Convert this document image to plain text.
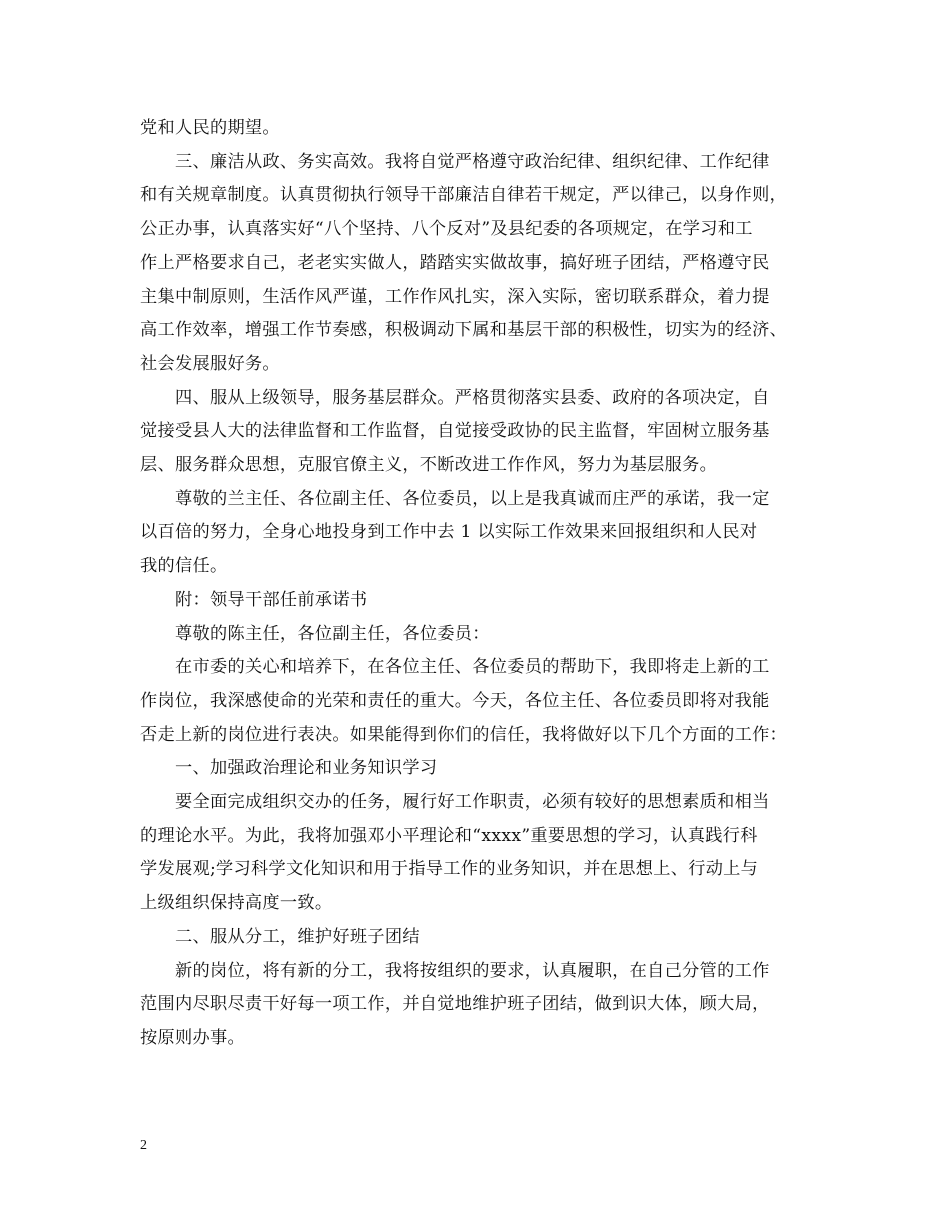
党和人民的期望。
三、廉洁从政、务实高效。我将自觉严格遵守政治纪律、组织纪律、工作纪律
和有关规章制度。认真贯彻执行领导干部廉洁自律若干规定，严以律己，以身作则，
公正办事，认真落实好“八个坚持、八个反对”及县纪委的各项规定，在学习和工
作上严格要求自己，老老实实做人，踏踏实实做故事，搞好班子团结，严格遵守民
主集中制原则，生活作风严谨，工作作风扎实，深入实际，密切联系群众，着力提
高工作效率，增强工作节奏感，积极调动下属和基层干部的积极性，切实为的经济、
社会发展服好务。
四、服从上级领导，服务基层群众。严格贯彻落实县委、政府的各项决定，自
觉接受县人大的法律监督和工作监督，自觉接受政协的民主监督，牢固树立服务基
层、服务群众思想，克服官僚主义，不断改进工作作风，努力为基层服务。
尊敬的兰主任、各位副主任、各位委员，以上是我真诚而庄严的承诺，我一定
以百倍的努力，全身心地投身到工作中去 1 以实际工作效果来回报组织和人民对
我的信任。
附：领导干部任前承诺书
尊敬的陈主任，各位副主任，各位委员：
在市委的关心和培养下，在各位主任、各位委员的帮助下，我即将走上新的工
作岗位，我深感使命的光荣和责任的重大。今天，各位主任、各位委员即将对我能
否走上新的岗位进行表决。如果能得到你们的信任，我将做好以下几个方面的工作：
一、加强政治理论和业务知识学习
要全面完成组织交办的任务，履行好工作职责，必须有较好的思想素质和相当
的理论水平。为此，我将加强邓小平理论和“xxxx”重要思想的学习，认真践行科
学发展观;学习科学文化知识和用于指导工作的业务知识，并在思想上、行动上与
上级组织保持高度一致。
二、服从分工，维护好班子团结
新的岗位，将有新的分工，我将按组织的要求，认真履职，在自己分管的工作
范围内尽职尽责干好每一项工作，并自觉地维护班子团结，做到识大体，顾大局，
按原则办事。
2
